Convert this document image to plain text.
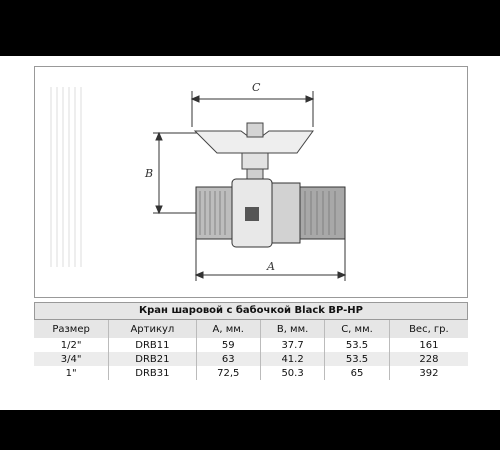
C
B
A
Кран шаровой с бабочкой Black BP-HP
Размер	Артикул	A, мм.	B, мм.	C, мм.	Вес, гр.
1/2"	DRB11	59	37.7	53.5	161
3/4"	DRB21	63	41.2	53.5	228
1"	DRB31	72,5	50.3	65	392
